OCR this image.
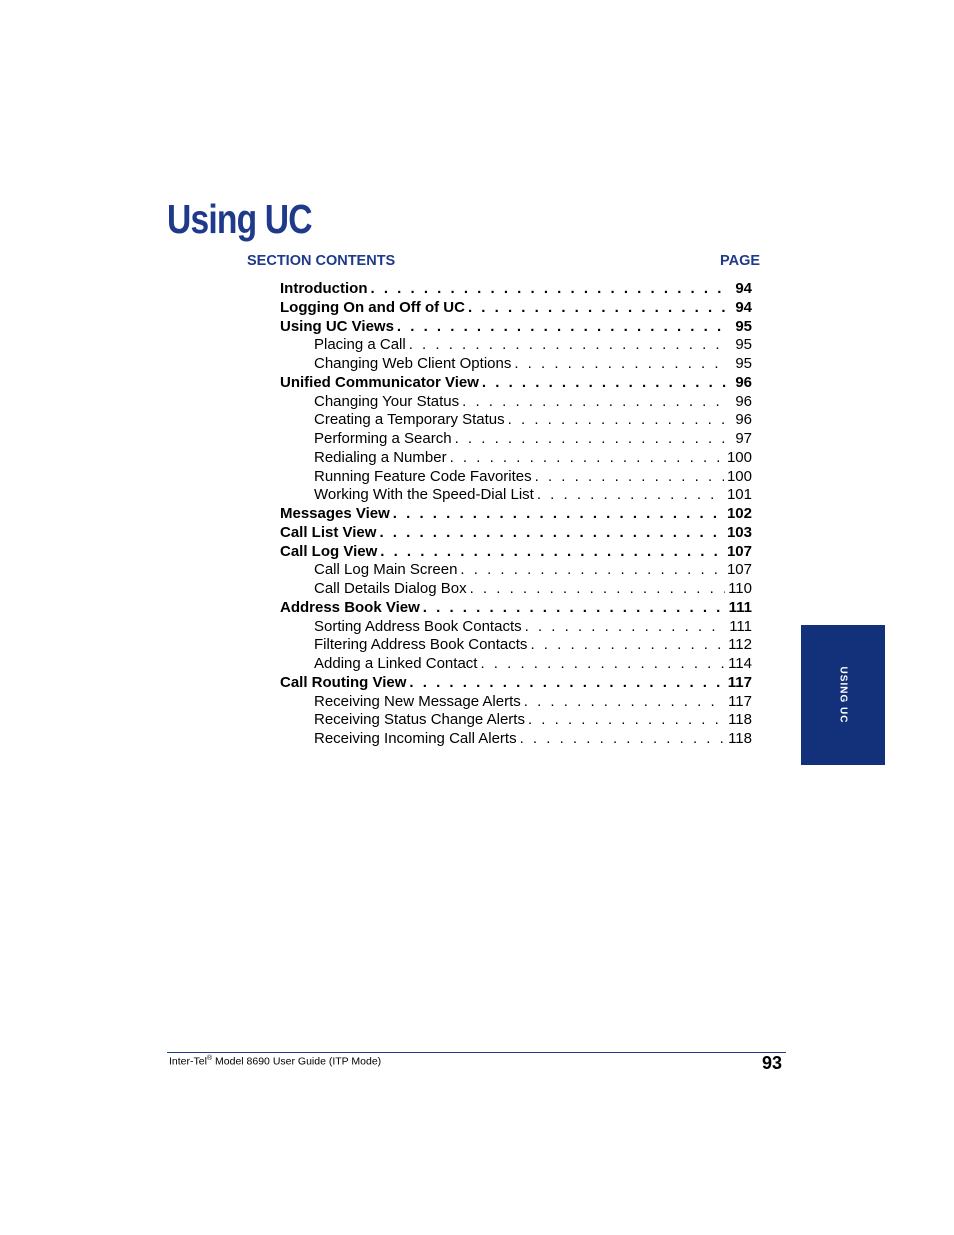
Using UC
SECTION CONTENTS	PAGE
Introduction . . .	94
Logging On and Off of UC . . .	94
Using UC Views . . .	95
Placing a Call . . .	95
Changing Web Client Options . . .	95
Unified Communicator View . . .	96
Changing Your Status . . .	96
Creating a Temporary Status . . .	96
Performing a Search . . .	97
Redialing a Number . . .	100
Running Feature Code Favorites . . .	100
Working With the Speed-Dial List . . .	101
Messages View . . .	102
Call List View . . .	103
Call Log View . . .	107
Call Log Main Screen . . .	107
Call Details Dialog Box . . .	110
Address Book View . . .	111
Sorting Address Book Contacts . . .	111
Filtering Address Book Contacts . . .	112
Adding a Linked Contact . . .	114
Call Routing View . . .	117
Receiving New Message Alerts . . .	117
Receiving Status Change Alerts . . .	118
Receiving Incoming Call Alerts . . .	118
USING UC
Inter-Tel® Model 8690 User Guide (ITP Mode)	93
